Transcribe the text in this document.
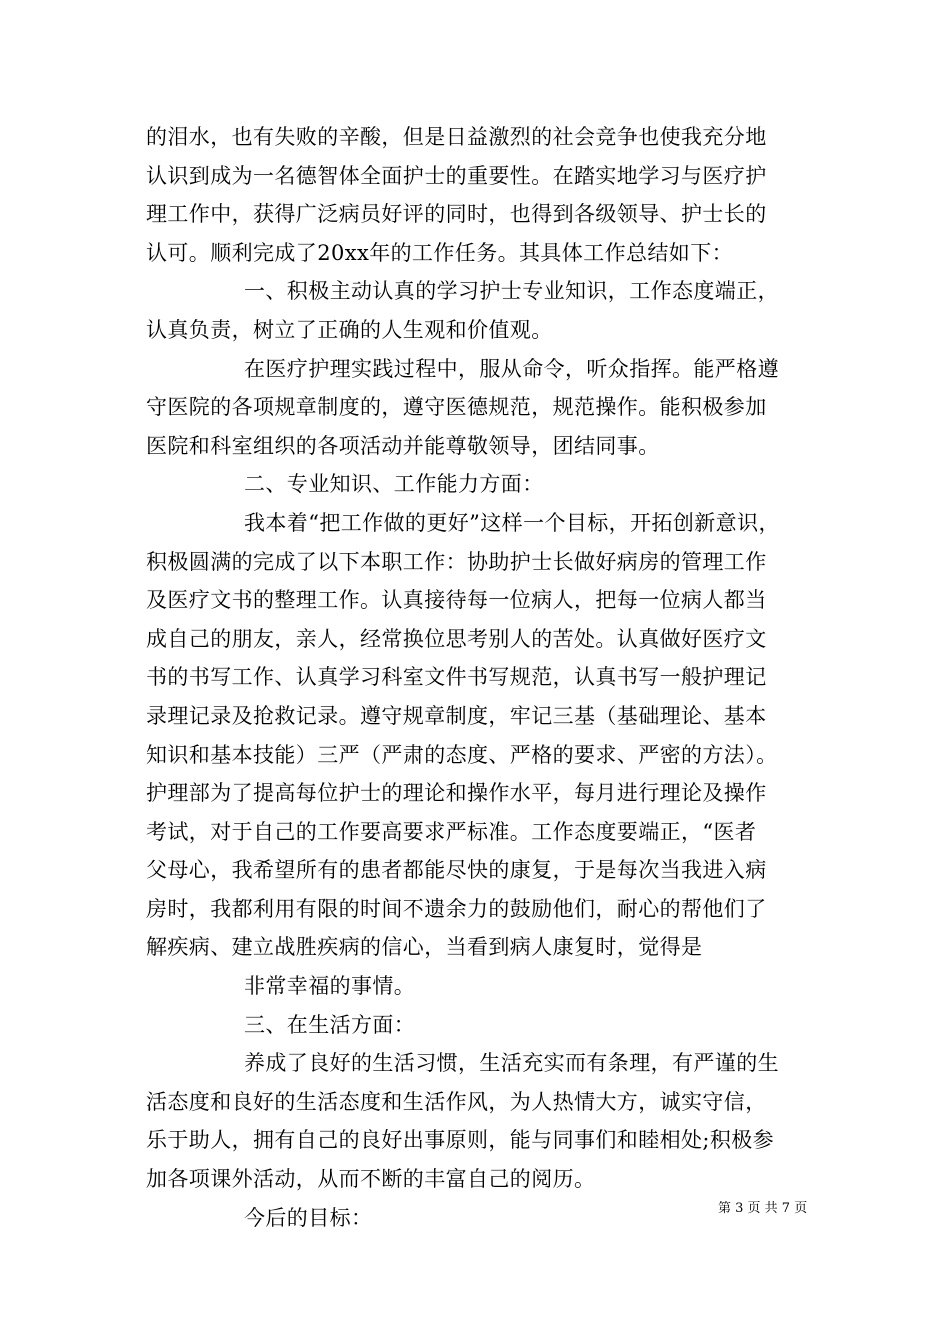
的泪水，也有失败的辛酸，但是日益激烈的社会竞争也使我充分地
认识到成为一名德智体全面护士的重要性。在踏实地学习与医疗护
理工作中，获得广泛病员好评的同时，也得到各级领导、护士长的
认可。顺利完成了20xx年的工作任务。其具体工作总结如下：
一、积极主动认真的学习护士专业知识，工作态度端正，
认真负责，树立了正确的人生观和价值观。
在医疗护理实践过程中，服从命令，听众指挥。能严格遵
守医院的各项规章制度的，遵守医德规范，规范操作。能积极参加
医院和科室组织的各项活动并能尊敬领导，团结同事。
二、专业知识、工作能力方面：
我本着“把工作做的更好”这样一个目标，开拓创新意识，
积极圆满的完成了以下本职工作：协助护士长做好病房的管理工作
及医疗文书的整理工作。认真接待每一位病人，把每一位病人都当
成自己的朋友，亲人，经常换位思考别人的苦处。认真做好医疗文
书的书写工作、认真学习科室文件书写规范，认真书写一般护理记
录理记录及抢救记录。遵守规章制度，牢记三基（基础理论、基本
知识和基本技能）三严（严肃的态度、严格的要求、严密的方法）。
护理部为了提高每位护士的理论和操作水平，每月进行理论及操作
考试，对于自己的工作要高要求严标准。工作态度要端正，“医者
父母心，我希望所有的患者都能尽快的康复，于是每次当我进入病
房时，我都利用有限的时间不遗余力的鼓励他们，耐心的帮他们了
解疾病、建立战胜疾病的信心，当看到病人康复时，觉得是
非常幸福的事情。
三、在生活方面：
养成了良好的生活习惯，生活充实而有条理，有严谨的生
活态度和良好的生活态度和生活作风，为人热情大方，诚实守信，
乐于助人，拥有自己的良好出事原则，能与同事们和睦相处;积极参
加各项课外活动，从而不断的丰富自己的阅历。
今后的目标：	第 3 页 共 7 页
